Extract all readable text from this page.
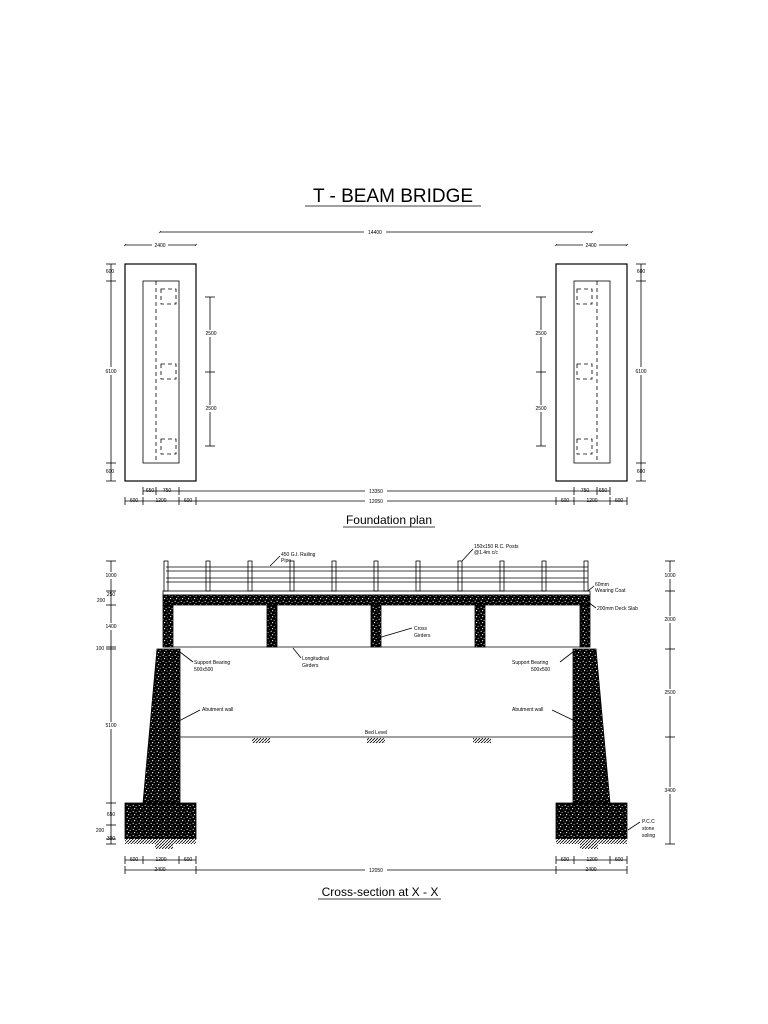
T - BEAM BRIDGE
14400
2400	2400
600
6100
600
600
6100
600
2500
2500
2500
2500
650 750	13350	750 650
600	1200	600	12050	600	1200	600
Foundation plan
450 G.I. Railing
Pipe
150x150 R.C. Posts
@1.4m c/c
60mm
Wearing Coat
200mm Deck Slab
Cross
Girders
Longitudinal
Girders
Support Bearing
500x500
Support Bearing
500x500
Abutment wall	Abutment wall
Bed Level
P.C.C
stone
soling
1000
200
250
1400
100
5100
650
200
300
1000
2000
2500
3400
600	1200	600	600	1200	600
2400	12050	2400
Cross-section at X - X
